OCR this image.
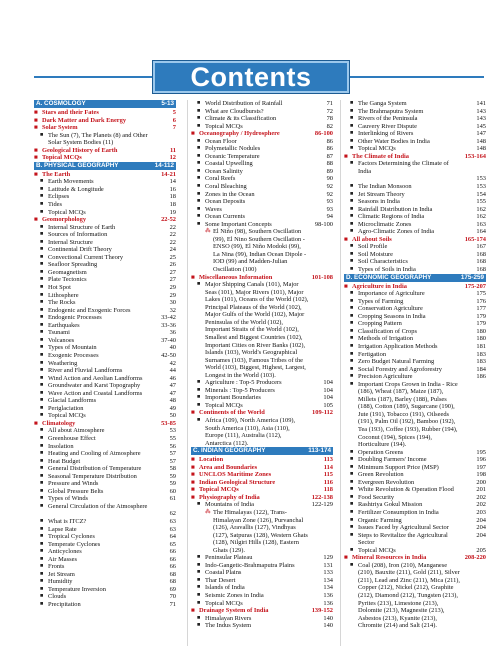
Contents
A. COSMOLOGY	5-13
■ Stars and their Fates	5
■ Dark Matter and Dark Energy	6
■ Solar System	7
■ The Sun (7), The Planets (8) and Other Solar System Bodies (11)
■ Geological History of Earth	11
■ Topical MCQs	12
B. PHYSICAL GEOGRAPHY	14-112
■ The Earth	14-21
■ Earth Movements	14
■ Latitude & Longitude	16
■ Eclipses	18
■ Tides	18
■ Topical MCQs	19
■ Geomorphology	22-52
■ Internal Structure of Earth	22
■ Sources of Information	22
■ Internal Structure	22
■ Continental Drift Theory	24
■ Convectional Current Theory	25
■ Seafloor Spreading	26
■ Geomagnetism	27
■ Plate Tectonics	27
■ Hot Spot	29
■ Lithosphere	29
■ The Rocks	30
■ Endogenic and Exogenic Forces	32
■ Endogenic Processes	33-42
■ Earthquakes	33-36
■ Tsunami	36
■ Volcanoes	37-40
■ Types of Mountain	40
■ Exogenic Processes	42-50
■ Weathering	42
■ River and Fluvial Landforms	44
■ Wind Action and Aeolian Landforms	46
■ Groundwater and Karst Topography	47
■ Wave Action and Coastal Landforms	47
■ Glacial Landforms	48
■ Periglaciation	49
■ Topical MCQs	50
■ Climatology	53-85
■ All about Atmosphere	53
■ Greenhouse Effect	55
■ Insolation	56
■ Heating and Cooling of Atmosphere	57
■ Heat Budget	57
■ General Distribution of Temperature	58
■ Seasonal Temperature Distribution	59
■ Pressure and Winds	59
■ Global Pressure Belts	60
■ Types of Winds	61
■ General Circulation of the Atmosphere
62
■ What is ITCZ?	63
■ Lapse Rate	63
■ Tropical Cyclones	64
■ Temperate Cyclones	65
■ Anticyclones	66
■ Air Masses	66
■ Fronts	66
■ Jet Stream	68
■ Humidity	68
■ Temperature Inversion	69
■ Clouds	70
■ Precipitation	71
■ World Distribution of Rainfall	71
■ What are Cloudbursts?	72
■ Climate & its Classification	78
■ Topical MCQs	82
■ Oceanography / Hydrosphere	86-100
■ Ocean Floor	86
■ Polymetallic Nodules	86
■ Oceanic Temperature	87
■ Coastal Upwelling	88
■ Ocean Salinity	89
■ Coral Reefs	90
■ Coral Bleaching	92
■ Zones in the Ocean	92
■ Ocean Deposits	93
■ Waves	93
■ Ocean Currents	94
■ Some Important Concepts	98-100
⁂ El Niño (98), Southern Oscillation (99), El Nino Southern Oscillation - ENSO (99), El Niño Modoki (99), La Nina (99), Indian Ocean Dipole - IOD (99) and Madden-Julian Oscillation (100)
■ Miscellaneous Information	101-108
■ Major Shipping Canals (101), Major Seas (101), Major Rivers (101), Major Lakes (101), Oceans of the World (102), Principal Plateaus of the World (102), Major Gulfs of the World (102), Major Peninsulas of the World (102), Important Straits of the World (102), Smallest and Biggest Countries (102), Important Cities on River Banks (102), Islands (103), World's Geographical Surnames (103), Famous Tribes of the World (103), Biggest, Highest, Largest, Longest in the World (103).
■ Agriculture : Top-5 Producers	104
■ Minerals : Top-5 Producers	104
■ Important Boundaries	104
■ Topical MCQs	105
■ Continents of the World	109-112
■ Africa (109), North America (109), South America (110), Asia (110), Europe (111), Australia (112), Antarctica (112).
C. INDIAN GEOGRAPHY	113-174
■ Location	113
■ Area and Boundaries	114
■ UNCLOS Maritime Zones	115
■ Indian Geological Structure	116
■ Topical MCQs	118
■ Physiography of India	122-138
■ Mountains of India	122-129
⁂ The Himalayas (122), Trans-Himalayan Zone (126), Purvanchal (126), Aravallis (127), Vindhyas (127), Satpuras (128), Western Ghats (128), Nilgiri Hills (128), Eastern Ghats (129).
■ Peninsular Plateau	129
■ Indo-Gangetic-Brahmaputra Plains	131
■ Coastal Plains	133
■ Thar Desert	134
■ Islands of India	134
■ Seismic Zones in India	136
■ Topical MCQs	136
■ Drainage System of India	139-152
■ Himalayan Rivers	140
■ The Indus System	140
■ The Ganga System	141
■ The Brahmaputra System	143
■ Rivers of the Peninsula	143
■ Cauvery River Dispute	145
■ Interlinking of Rivers	147
■ Other Water Bodies in India	148
■ Topical MCQs	148
■ The Climate of India	153-164
■ Factors Determining the Climate of India
153
■ The Indian Monsoon	153
■ Jet Stream Theory	154
■ Seasons in India	155
■ Rainfall Distribution in India	162
■ Climatic Regions of India	162
■ Microclimatic Zones	163
■ Agro-Climatic Zones of India	164
■ All about Soils	165-174
■ Soil Profile	167
■ Soil Moisture	168
■ Soil Characteristics	168
■ Types of Soils in India	168
D. ECONOMIC GEOGRAPHY	175-259
■ Agriculture in India	175-207
■ Importance of Agriculture	175
■ Types of Farming	176
■ Conservation Agriculture	177
■ Cropping Seasons in India	179
■ Cropping Pattern	179
■ Classification of Crops	180
■ Methods of Irrigation	180
■ Irrigation Application Methods	181
■ Fertigation	183
■ Zero Budget Natural Farming	183
■ Social Forestry and Agroforestry	184
■ Precision Agriculture	186
■ Important Crops Grown in India - Rice (186), Wheat (187), Maize (187), Millets (187), Barley (188), Pulses (188), Cotton (189), Sugarcane (190), Jute (191), Tobacco (191), Oilseeds (191), Palm Oil (192), Bamboo (192), Tea (193), Coffee (193), Rubber (194), Coconut (194), Spices (194), Horticulture (194).
■ Operation Greens	195
■ Doubling Farmers' Income	196
■ Minimum Support Price (MSP)	197
■ Green Revolution	198
■ Evergreen Revolution	200
■ White Revolution & Operation Flood	201
■ Food Security	202
■ Rashtriya Gokul Mission	202
■ Fertilizer Consumption in India	203
■ Organic Farming	204
■ Issues Faced by Agricultural Sector	204
■ Steps to Revitalize the Agricultural Sector
204
■ Topical MCQs	205
■ Mineral Resources in India	208-220
■ Coal (208), Iron (210), Manganese (210), Bauxite (211), Gold (211), Silver (211), Lead and Zinc (211), Mica (211), Copper (212), Nickel (212), Graphite (212), Diamond (212), Tungsten (213), Pyrites (213), Limestone (213), Dolomite (213), Magnesite (213), Asbestos (213), Kyanite (213), Chromite (214) and Salt (214).
